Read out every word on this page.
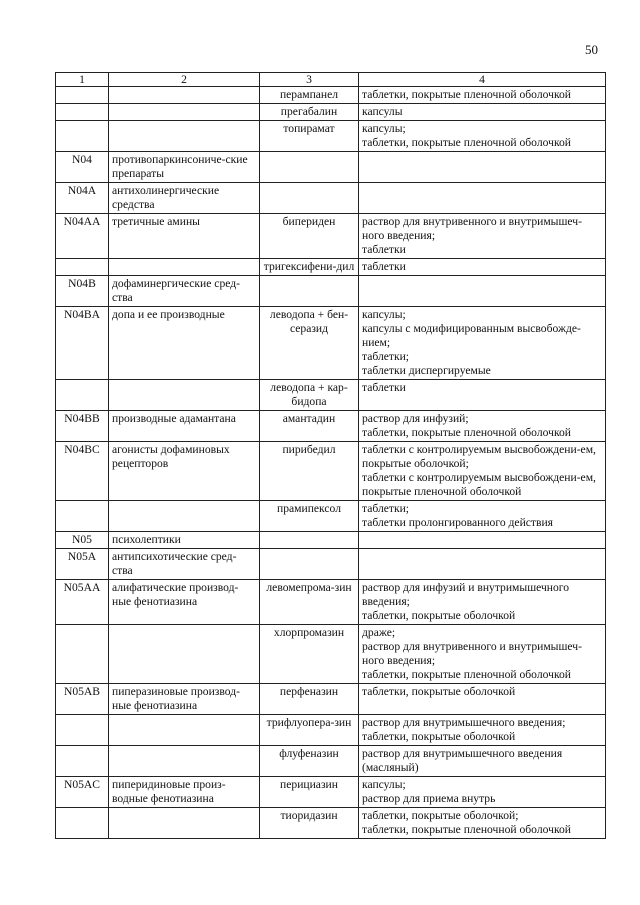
50
1	2	3	4
		перампанел	таблетки, покрытые пленочной оболочкой

		прегабалин	капсулы

		топирамат	капсулы;
таблетки, покрытые пленочной оболочкой

N04	противопаркинсониче-ские препараты		
N04A	антихолинергические средства		
N04AA	третичные амины	бипериден	раствор для внутривенного и внутримышеч-ного введения;
таблетки

		тригексифени-дил	таблетки

N04B	дофаминергические сред-ства		
N04BA	допа и ее производные	леводопа + бен-серазид	капсулы;
капсулы с модифицированным высвобожде-нием;
таблетки;
таблетки диспергируемые

		леводопа + кар-бидопа	таблетки

N04BB	производные адамантана	амантадин	раствор для инфузий;
таблетки, покрытые пленочной оболочкой

N04BC	агонисты дофаминовых рецепторов	пирибедил	таблетки с контролируемым высвобождени-ем, покрытые оболочкой;
таблетки с контролируемым высвобождени-ем, покрытые пленочной оболочкой

		прамипексол	таблетки;
таблетки пролонгированного действия

N05	психолептики		
N05A	антипсихотические сред-ства		
N05AA	алифатические производ-ные фенотиазина	левомепрома-зин	раствор для инфузий и внутримышечного введения;
таблетки, покрытые оболочкой

		хлорпромазин	драже;
раствор для внутривенного и внутримышеч-ного введения;
таблетки, покрытые пленочной оболочкой

N05AB	пиперазиновые производ-ные фенотиазина	перфеназин	таблетки, покрытые оболочкой

		трифлуопера-зин	раствор для внутримышечного введения;
таблетки, покрытые оболочкой

		флуфеназин	раствор для внутримышечного введения (масляный)

N05AC	пиперидиновые произ-водные фенотиазина	перициазин	капсулы;
раствор для приема внутрь

		тиоридазин	таблетки, покрытые оболочкой;
таблетки, покрытые пленочной оболочкой
